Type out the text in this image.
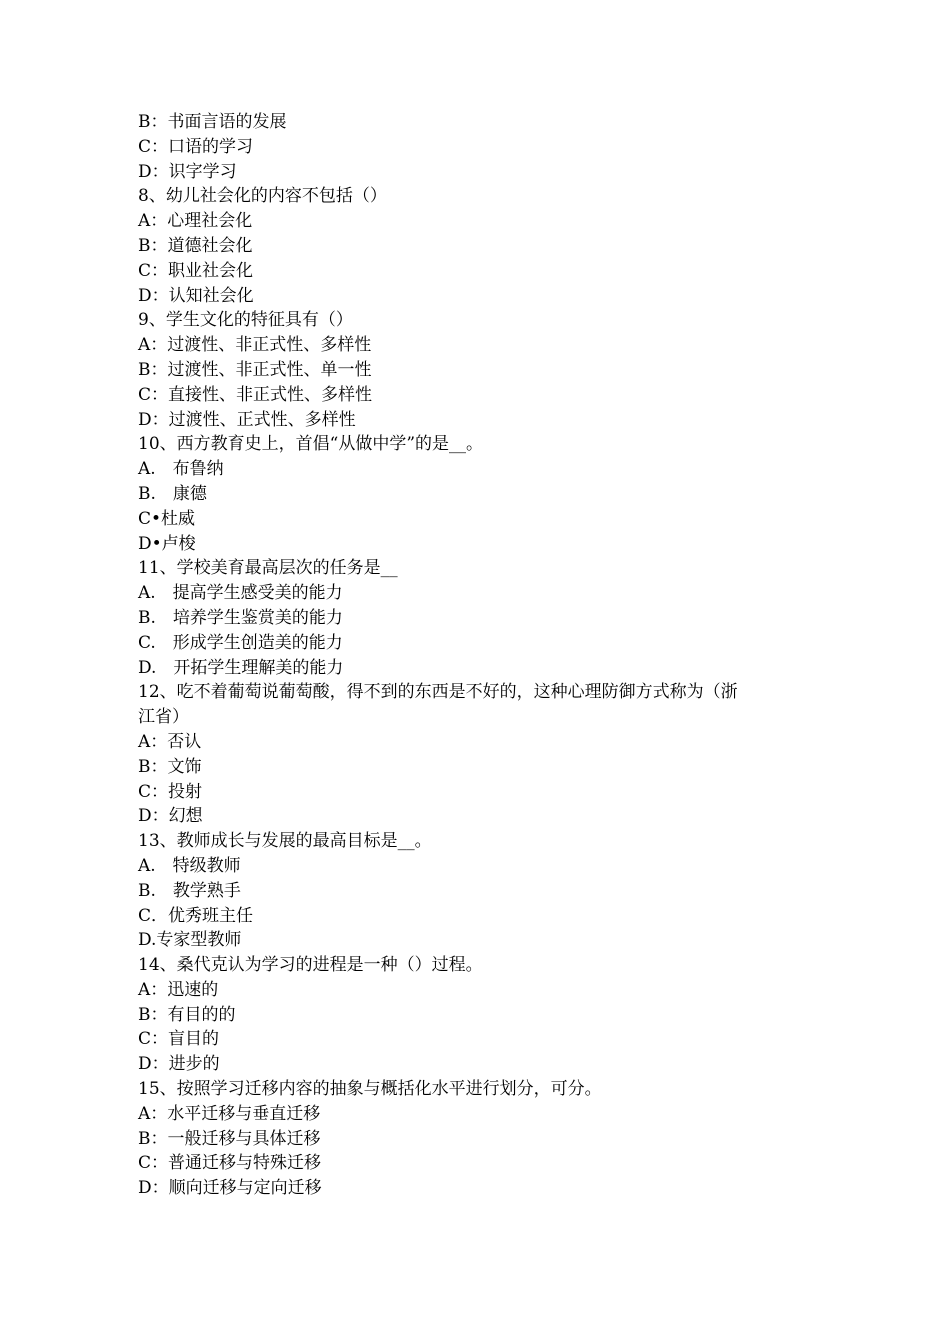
B：书面言语的发展
C：口语的学习
D：识字学习
8、幼儿社会化的内容不包括（）
A：心理社会化
B：道德社会化
C：职业社会化
D：认知社会化
9、学生文化的特征具有（）
A：过渡性、非正式性、多样性
B：过渡性、非正式性、单一性
C：直接性、非正式性、多样性
D：过渡性、正式性、多样性
10、西方教育史上，首倡“从做中学”的是__。
A.　布鲁纳
B.　康德
C•杜威
D•卢梭
11、学校美育最高层次的任务是__
A.　提高学生感受美的能力
B.　培养学生鉴赏美的能力
C.　形成学生创造美的能力
D.　开拓学生理解美的能力
12、吃不着葡萄说葡萄酸，得不到的东西是不好的，这种心理防御方式称为（浙
江省）
A：否认
B：文饰
C：投射
D：幻想
13、教师成长与发展的最高目标是__。
A.　特级教师
B.　教学熟手
C．优秀班主任
D.专家型教师
14、桑代克认为学习的进程是一种（）过程。
A：迅速的
B：有目的的
C：盲目的
D：进步的
15、按照学习迁移内容的抽象与概括化水平进行划分，可分。
A：水平迁移与垂直迁移
B：一般迁移与具体迁移
C：普通迁移与特殊迁移
D：顺向迁移与定向迁移
